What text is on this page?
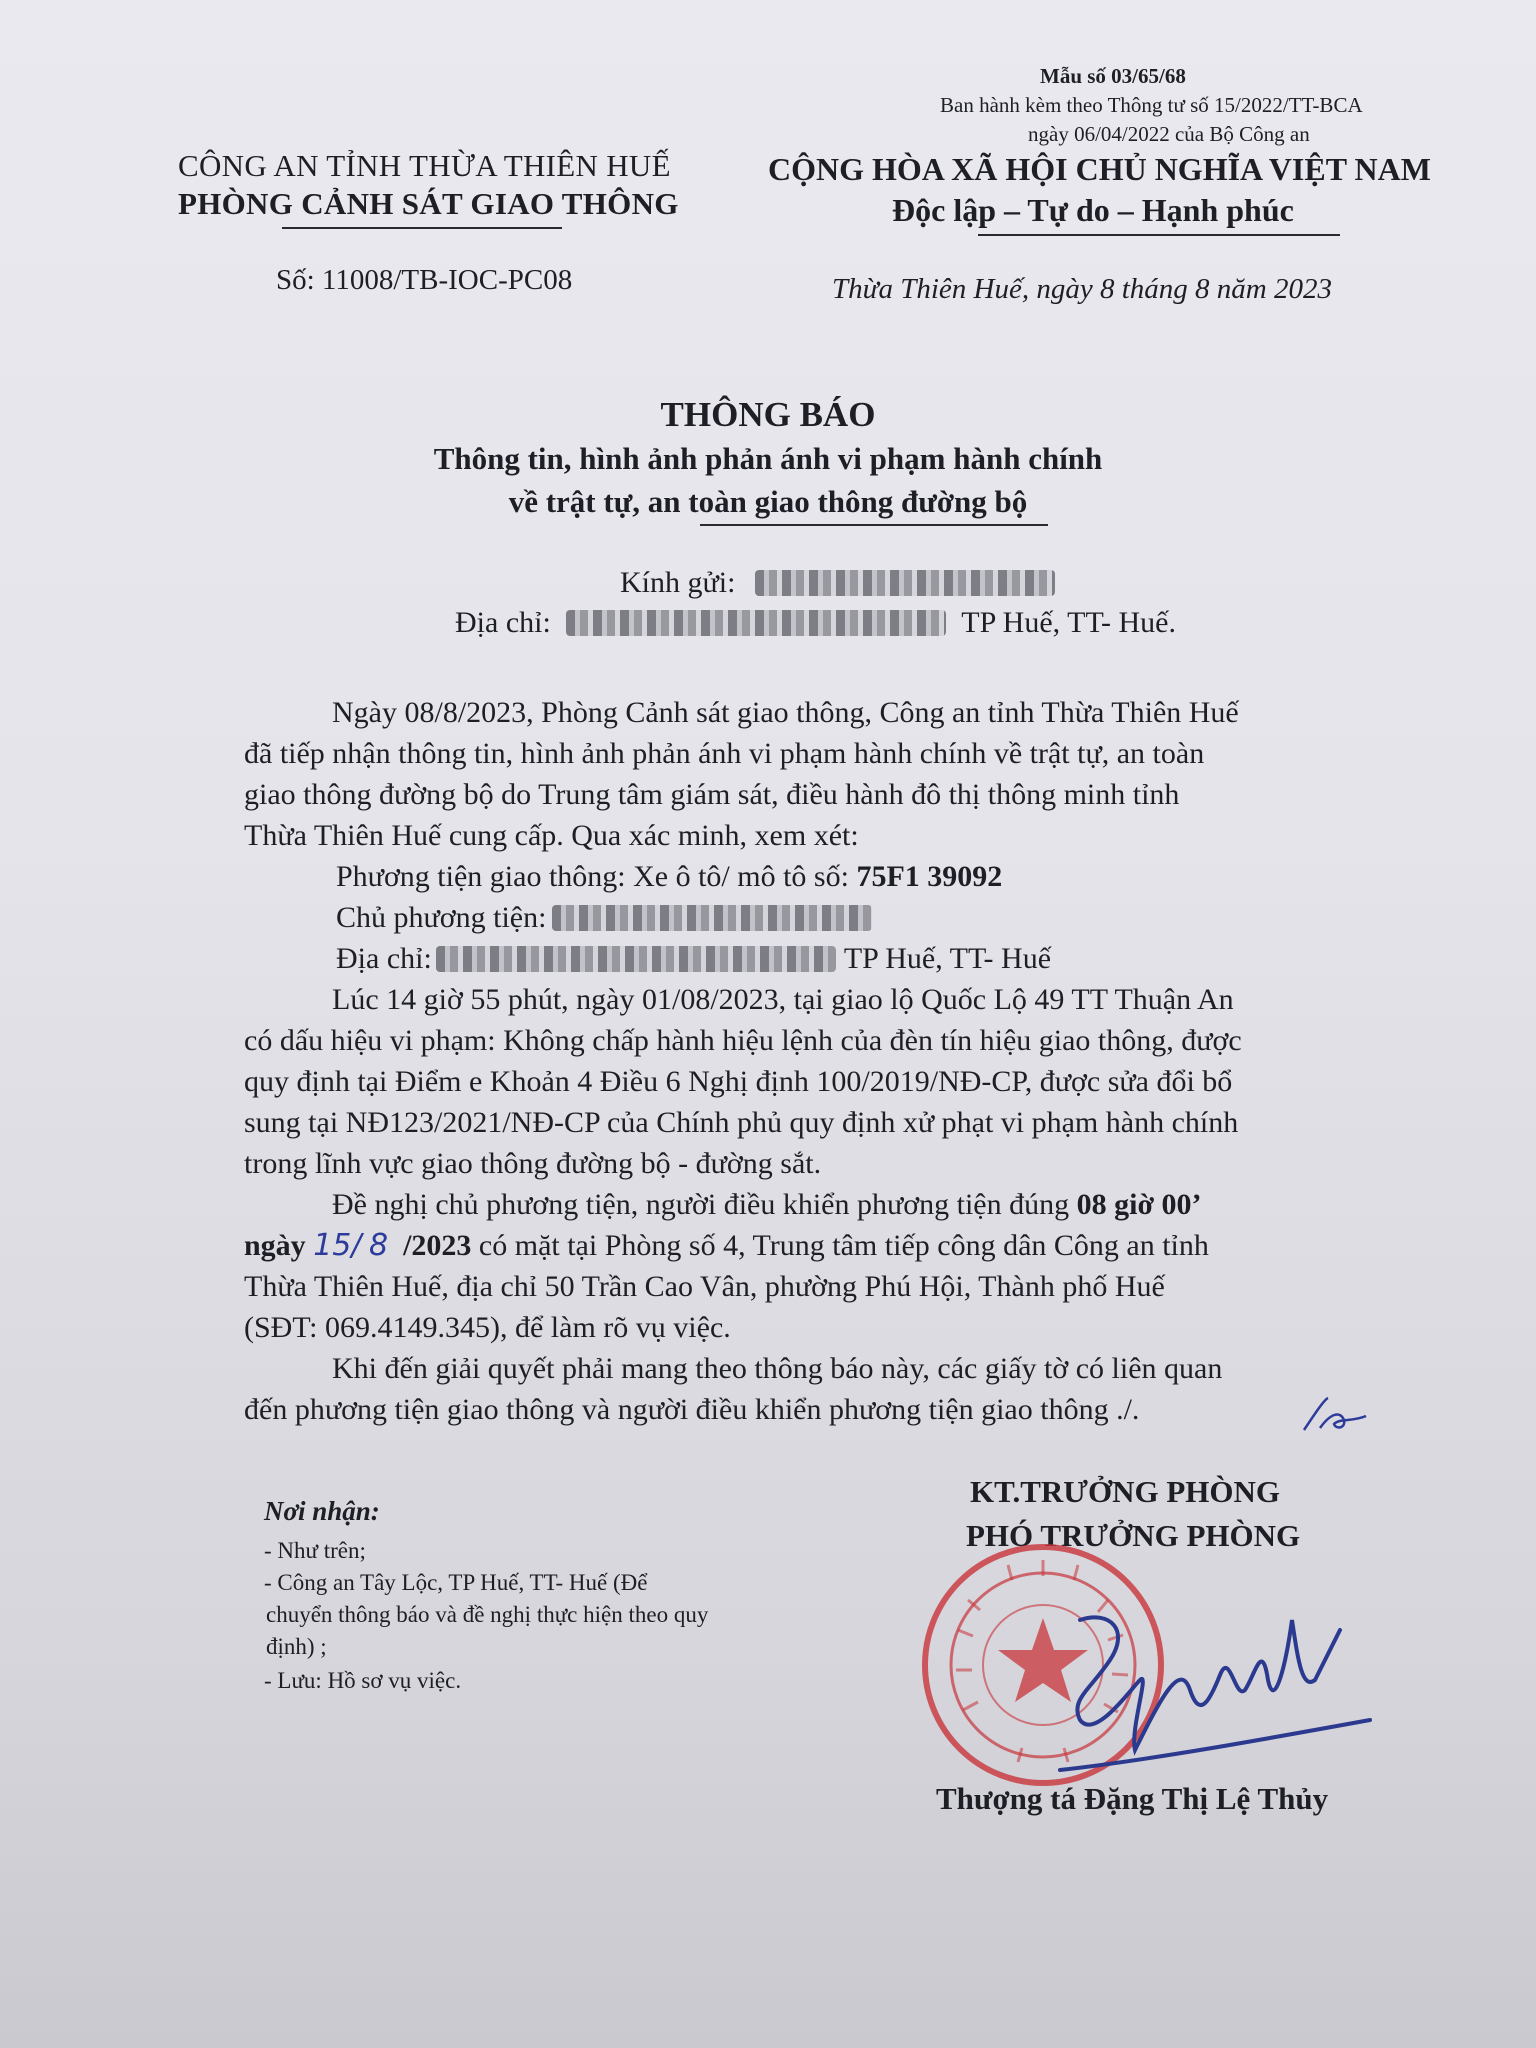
Mẫu số 03/65/68
Ban hành kèm theo Thông tư số 15/2022/TT-BCA
ngày 06/04/2022 của Bộ Công an
CÔNG AN TỈNH THỪA THIÊN HUẾ
PHÒNG CẢNH SÁT GIAO THÔNG
CỘNG HÒA XÃ HỘI CHỦ NGHĨA VIỆT NAM
Độc lập – Tự do – Hạnh phúc
Số: 11008/TB-IOC-PC08	Thừa Thiên Huế, ngày 8 tháng 8 năm 2023
THÔNG BÁO
Thông tin, hình ảnh phản ánh vi phạm hành chính
về trật tự, an toàn giao thông đường bộ
Kính gửi:
Địa chỉ:	TP Huế, TT- Huế.
Ngày 08/8/2023, Phòng Cảnh sát giao thông, Công an tỉnh Thừa Thiên Huế
đã tiếp nhận thông tin, hình ảnh phản ánh vi phạm hành chính về trật tự, an toàn
giao thông đường bộ do Trung tâm giám sát, điều hành đô thị thông minh tỉnh
Thừa Thiên Huế cung cấp. Qua xác minh, xem xét:
Phương tiện giao thông: Xe ô tô/ mô tô số: 75F1 39092
Chủ phương tiện:
Địa chỉ:	TP Huế, TT- Huế
Lúc 14 giờ 55 phút, ngày 01/08/2023, tại giao lộ Quốc Lộ 49 TT Thuận An
có dấu hiệu vi phạm: Không chấp hành hiệu lệnh của đèn tín hiệu giao thông, được
quy định tại Điểm e Khoản 4 Điều 6 Nghị định 100/2019/NĐ-CP, được sửa đổi bổ
sung tại NĐ123/2021/NĐ-CP của Chính phủ quy định xử phạt vi phạm hành chính
trong lĩnh vực giao thông đường bộ - đường sắt.
Đề nghị chủ phương tiện, người điều khiển phương tiện đúng 08 giờ 00’
ngày 15/ 8 /2023 có mặt tại Phòng số 4, Trung tâm tiếp công dân Công an tỉnh
Thừa Thiên Huế, địa chỉ 50 Trần Cao Vân, phường Phú Hội, Thành phố Huế
(SĐT: 069.4149.345), để làm rõ vụ việc.
Khi đến giải quyết phải mang theo thông báo này, các giấy tờ có liên quan
đến phương tiện giao thông và người điều khiển phương tiện giao thông ./.
Nơi nhận:
- Như trên;
- Công an Tây Lộc, TP Huế, TT- Huế (Để
chuyển thông báo và đề nghị thực hiện theo quy
định) ;
- Lưu: Hồ sơ vụ việc.
KT.TRƯỞNG PHÒNG
PHÓ TRƯỞNG PHÒNG
Thượng tá Đặng Thị Lệ Thủy
